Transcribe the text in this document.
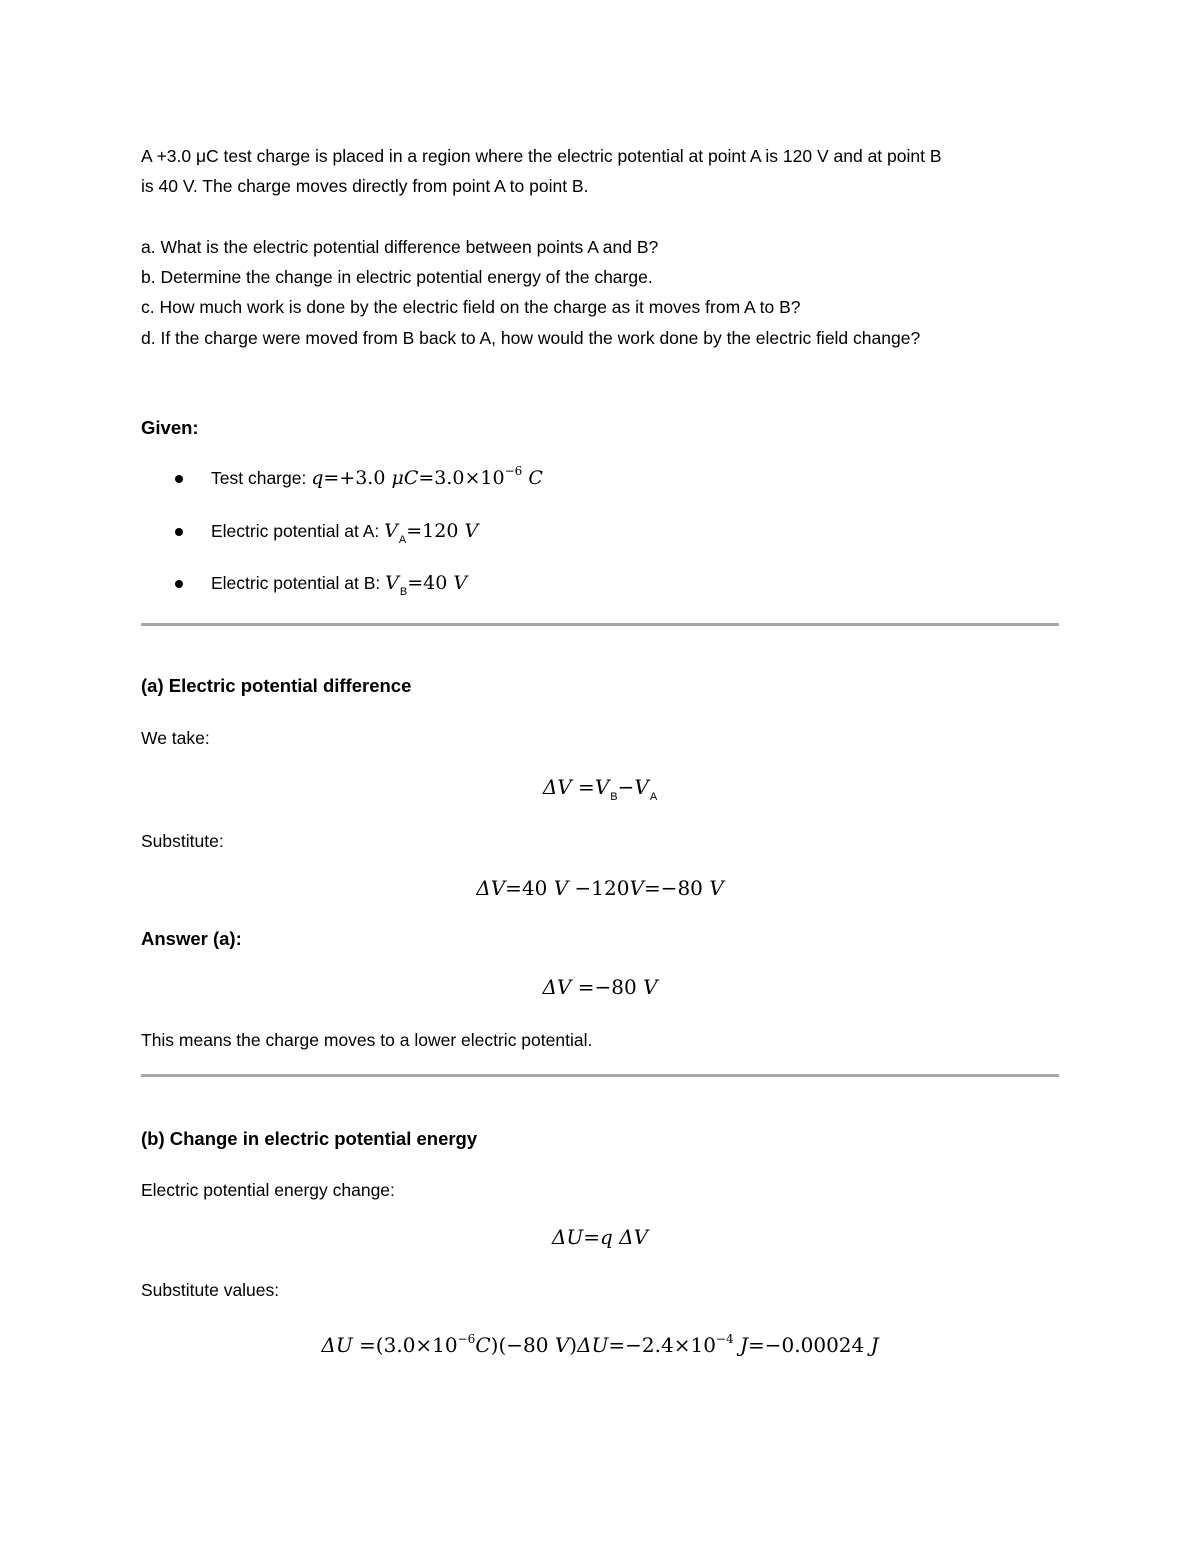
A +3.0 μC test charge is placed in a region where the electric potential at point A is 120 V and at point B

is 40 V. The charge moves directly from point A to point B.

a. What is the electric potential difference between points A and B?

b. Determine the change in electric potential energy of the charge.

c. How much work is done by the electric field on the charge as it moves from A to B?

d. If the charge were moved from B back to A, how would the work done by the electric field change?

Given:

Test charge: q=+3.0 $\mu C=3.0\times 10^{-6}$ C

Electric potential at A: $V_A=120$ V

Electric potential at B: $V_B=40$ V

(a) Electric potential difference

We take:

$\Delta V =V_B-V_A$

Substitute:

ΔV=40 V −120V=−80 V

Answer (a):

ΔV =−80 V

This means the charge moves to a lower electric potential.

(b) Change in electric potential energy

Electric potential energy change:

ΔU=q ΔV

Substitute values:

$\Delta U =(3.0\times 10^{-6}C)(-80$ $V)\Delta U=-2.4\times 10^{-4}$ J=−0.00024 J
